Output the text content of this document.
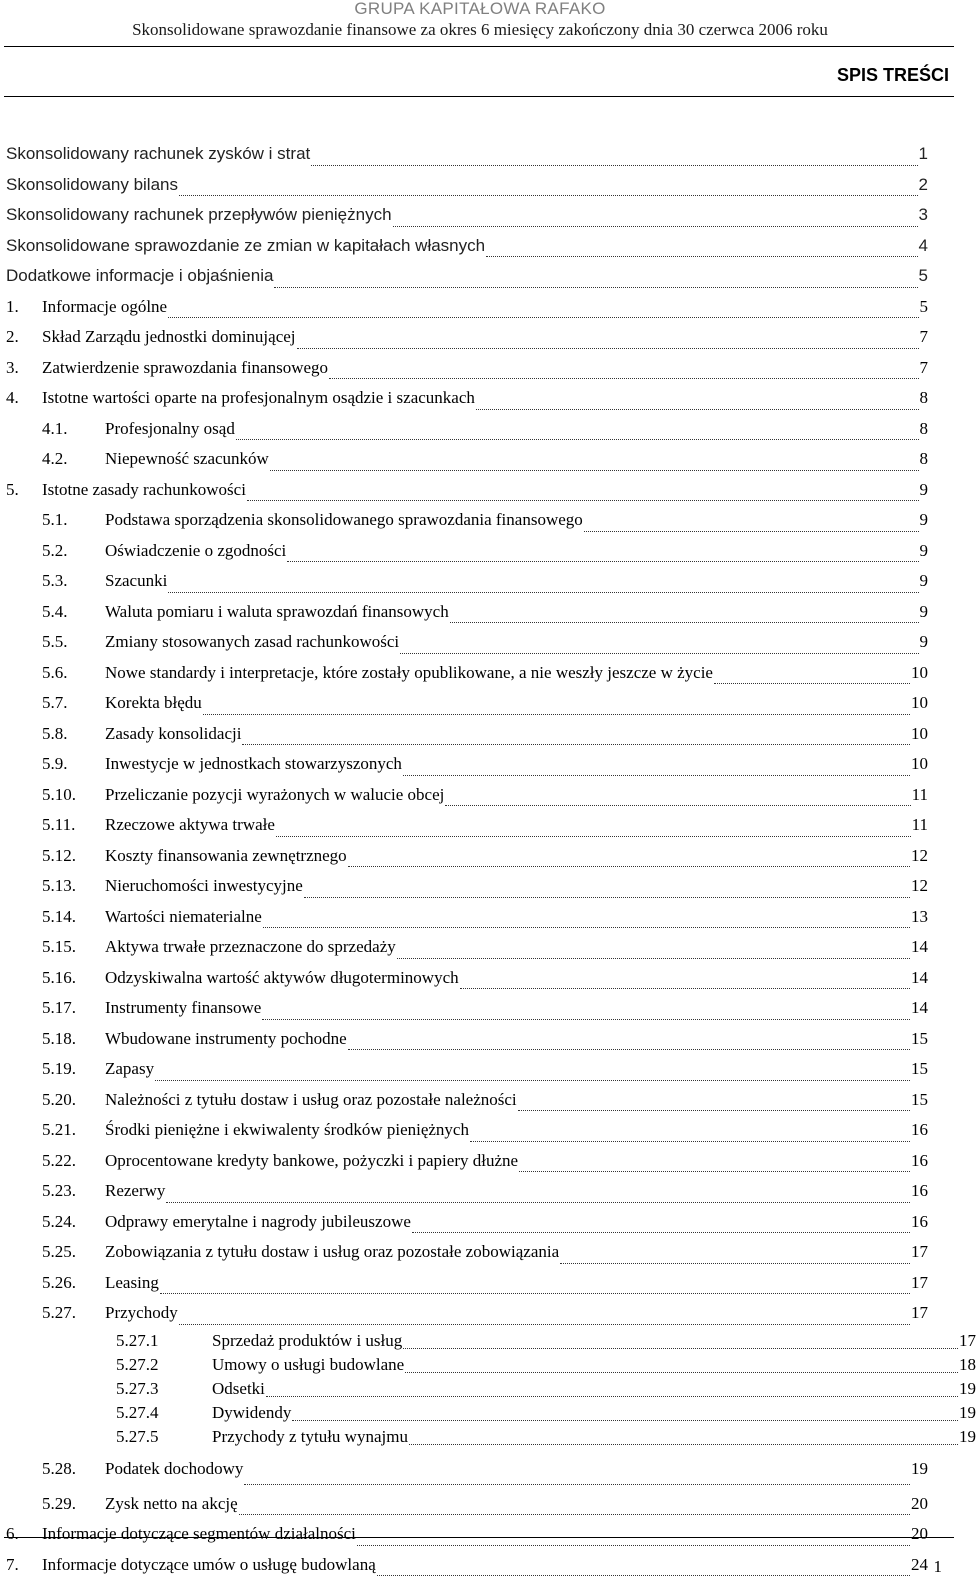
GRUPA KAPITAŁOWA RAFAKO
Skonsolidowane sprawozdanie finansowe za okres 6 miesięcy zakończony dnia 30 czerwca 2006 roku
SPIS TREŚCI
Skonsolidowany rachunek zysków i strat	1
Skonsolidowany bilans	2
Skonsolidowany rachunek przepływów pieniężnych	3
Skonsolidowane sprawozdanie ze zmian w kapitałach własnych	4
Dodatkowe informacje i objaśnienia	5
1.	Informacje ogólne	5
2.	Skład Zarządu jednostki dominującej	7
3.	Zatwierdzenie sprawozdania finansowego	7
4.	Istotne wartości oparte na profesjonalnym osądzie i szacunkach	8
4.1.	Profesjonalny osąd	8
4.2.	Niepewność szacunków	8
5.	Istotne zasady rachunkowości	9
5.1.	Podstawa sporządzenia skonsolidowanego sprawozdania finansowego	9
5.2.	Oświadczenie o zgodności	9
5.3.	Szacunki	9
5.4.	Waluta pomiaru i waluta sprawozdań finansowych	9
5.5.	Zmiany stosowanych zasad rachunkowości	9
5.6.	Nowe standardy i interpretacje, które zostały opublikowane, a nie weszły jeszcze w życie	10
5.7.	Korekta błędu	10
5.8.	Zasady konsolidacji	10
5.9.	Inwestycje w jednostkach stowarzyszonych	10
5.10.	Przeliczanie pozycji wyrażonych w walucie obcej	11
5.11.	Rzeczowe aktywa trwałe	11
5.12.	Koszty finansowania zewnętrznego	12
5.13.	Nieruchomości inwestycyjne	12
5.14.	Wartości niematerialne	13
5.15.	Aktywa trwałe przeznaczone do sprzedaży	14
5.16.	Odzyskiwalna wartość aktywów długoterminowych	14
5.17.	Instrumenty finansowe	14
5.18.	Wbudowane instrumenty pochodne	15
5.19.	Zapasy	15
5.20.	Należności z tytułu dostaw i usług oraz pozostałe należności	15
5.21.	Środki pieniężne i ekwiwalenty środków pieniężnych	16
5.22.	Oprocentowane kredyty bankowe, pożyczki i papiery dłużne	16
5.23.	Rezerwy	16
5.24.	Odprawy emerytalne i nagrody jubileuszowe	16
5.25.	Zobowiązania z tytułu dostaw i usług oraz pozostałe zobowiązania	17
5.26.	Leasing	17
5.27.	Przychody	17
5.27.1	Sprzedaż produktów i usług	17
5.27.2	Umowy o usługi budowlane	18
5.27.3	Odsetki	19
5.27.4	Dywidendy	19
5.27.5	Przychody z tytułu wynajmu	19
5.28.	Podatek dochodowy	19
5.29.	Zysk netto na akcję	20
6.	Informacje dotyczące segmentów działalności	20
7.	Informacje dotyczące umów o usługę budowlaną	24 1
